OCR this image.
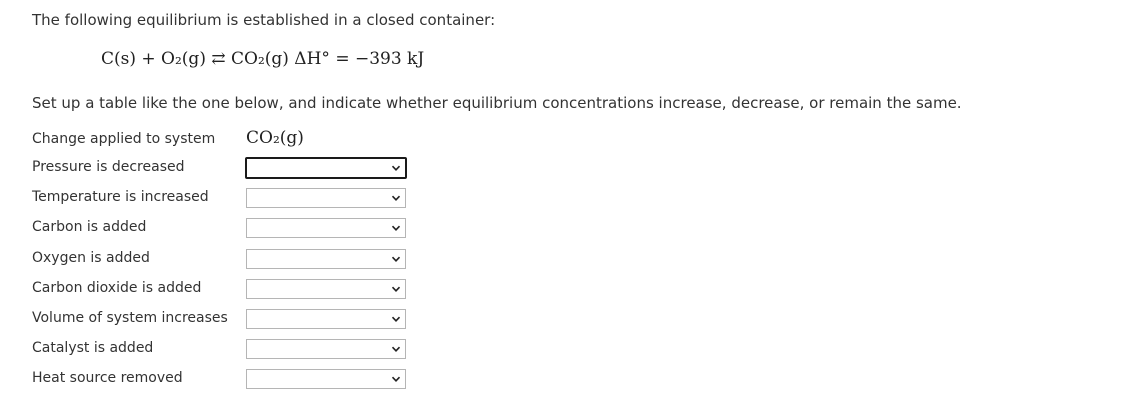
The following equilibrium is established in a closed container:
C(s) + O₂(g) ⇄ CO₂(g) ΔH° = −393 kJ
Set up a table like the one below, and indicate whether equilibrium concentrations increase, decrease, or remain the same.
Change applied to system CO₂(g)
Pressure is decreased
Temperature is increased
Carbon is added
Oxygen is added
Carbon dioxide is added
Volume of system increases
Catalyst is added
Heat source removed
